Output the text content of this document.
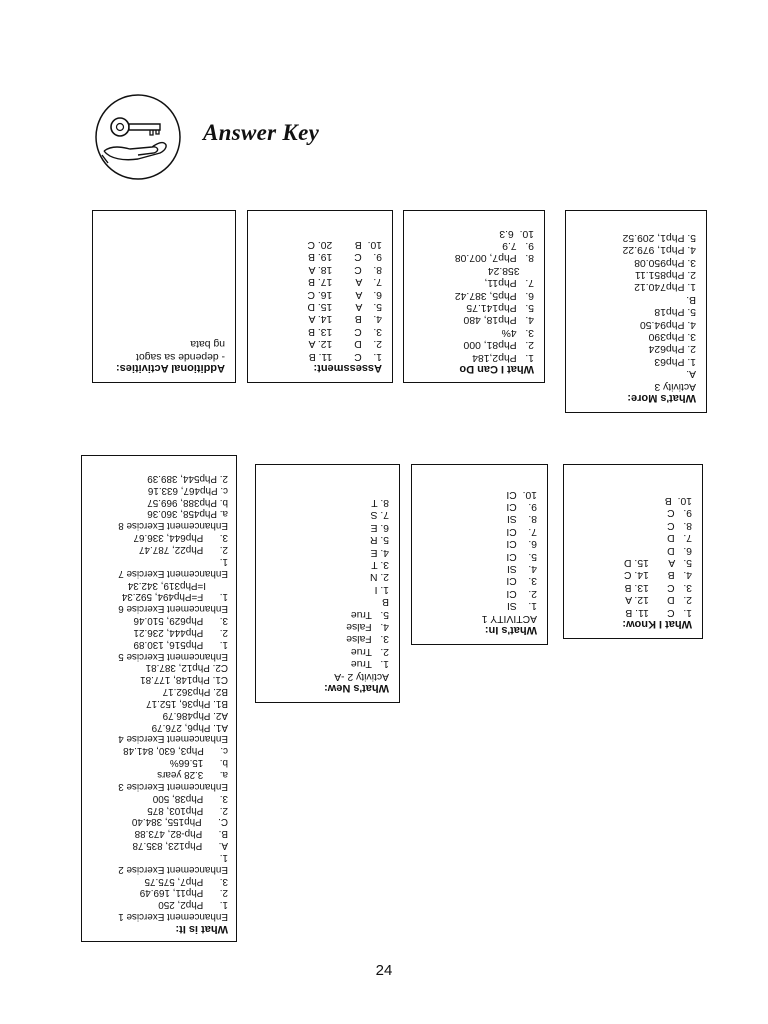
Answer Key
Additional Activities:
- depende sa sagot
ng bata
Assessment:
1.    C
2.    D
3.    C
4.    B
5.    A
6.    A
7.    A
8.    C
9.    C
10.  B
11. B
12. A
13. B
14. A
15. D
16. C
17. B
18. A
19. B
20. C
What I Can Do
1.   Php2,184
2.   Php81, 000
3.   4%
4.   Php18, 480
5.   Php141.75
6.   Php5, 387.42
7.   Php11,
358.24
8.   Php7, 007.08
9.   7.9
10.  6.3
What's More:
Activity 3
A.
1. Php63
2. Php624
3. Php390
4. Php94.50
5. Php18
B.
1. Php740.12
2. Php851.11
3. Php950.08
4. Php1, 979.22
5. Php1, 209.52
What is It:
Enhancement Exercise 1
1.      Php2, 250
2.      Php11, 169.49
3.      Php7, 575.75
Enhancement Exercise 2
1.
A.      Php123, 835.78
B.      Php-82, 473.88
C.      Php155, 384.40
2.      Php103, 875
3.      Php38, 500
Enhancement Exercise 3
a.      3.28 years
b.      15.66%
c.      Php3, 630, 841.48
Enhancement Exercise 4
A1. Php6, 276.79
A2. Php486.79
B1. Php36, 152.17
B2. Php362.17
C1. Php148, 177.81
C2. Php12, 387.81
Enhancement Exercise 5
1.      Php516, 130.89
2.      Php444, 236.21
3.      Php629, 510.46
Enhancement Exercise 6
1.      F=Php494, 592.34
I=Php319, 342.34
Enhancement Exercise 7
1.
2.      Php22, 787.47
3.      Php644, 336.67
Enhancement Exercise 8
a. Php458, 360.36
b. Php388, 969.57
c. Php467, 633.16
2. Php544, 389.39
What's New:
Activity 2 -A
1.   True
2.   True
3.   False
4.   False
5.   True
B
1. I
2. N
3. T
4. E
5. R
6. E
7. S
8. T
What's In:
ACTIVITY 1
1.    SI
2.    CI
3.    CI
4.    SI
5.    CI
6.    CI
7.    CI
8.    SI
9.    CI
10.  CI
What I Know:
1.   C
2.   D
3.   C
4.   B
5.   A
6.   D
7.   D
8.   C
9.   C
10.  B
11. B
12. A
13. B
14. C
15. D
24
